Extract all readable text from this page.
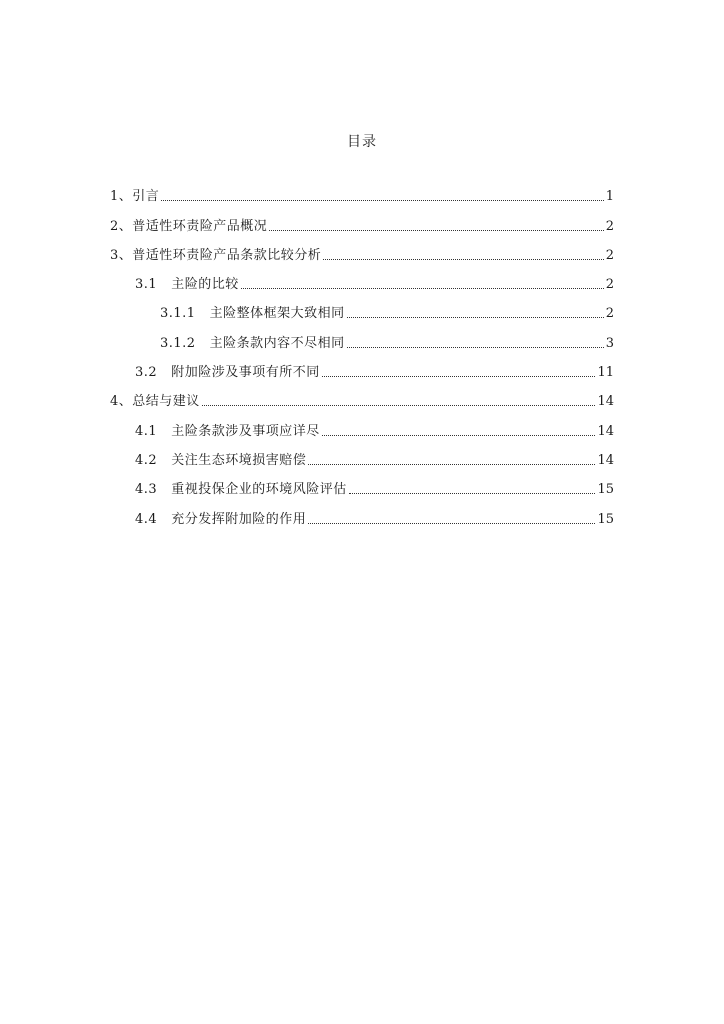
目录
1、 引言	1
2、 普适性环责险产品概况	2
3、 普适性环责险产品条款比较分析	2
3.1 主险的比较	2
3.1.1 主险整体框架大致相同	2
3.1.2 主险条款内容不尽相同	3
3.2 附加险涉及事项有所不同	11
4、 总结与建议	14
4.1 主险条款涉及事项应详尽	14
4.2 关注生态环境损害赔偿	14
4.3 重视投保企业的环境风险评估	15
4.4 充分发挥附加险的作用	15
